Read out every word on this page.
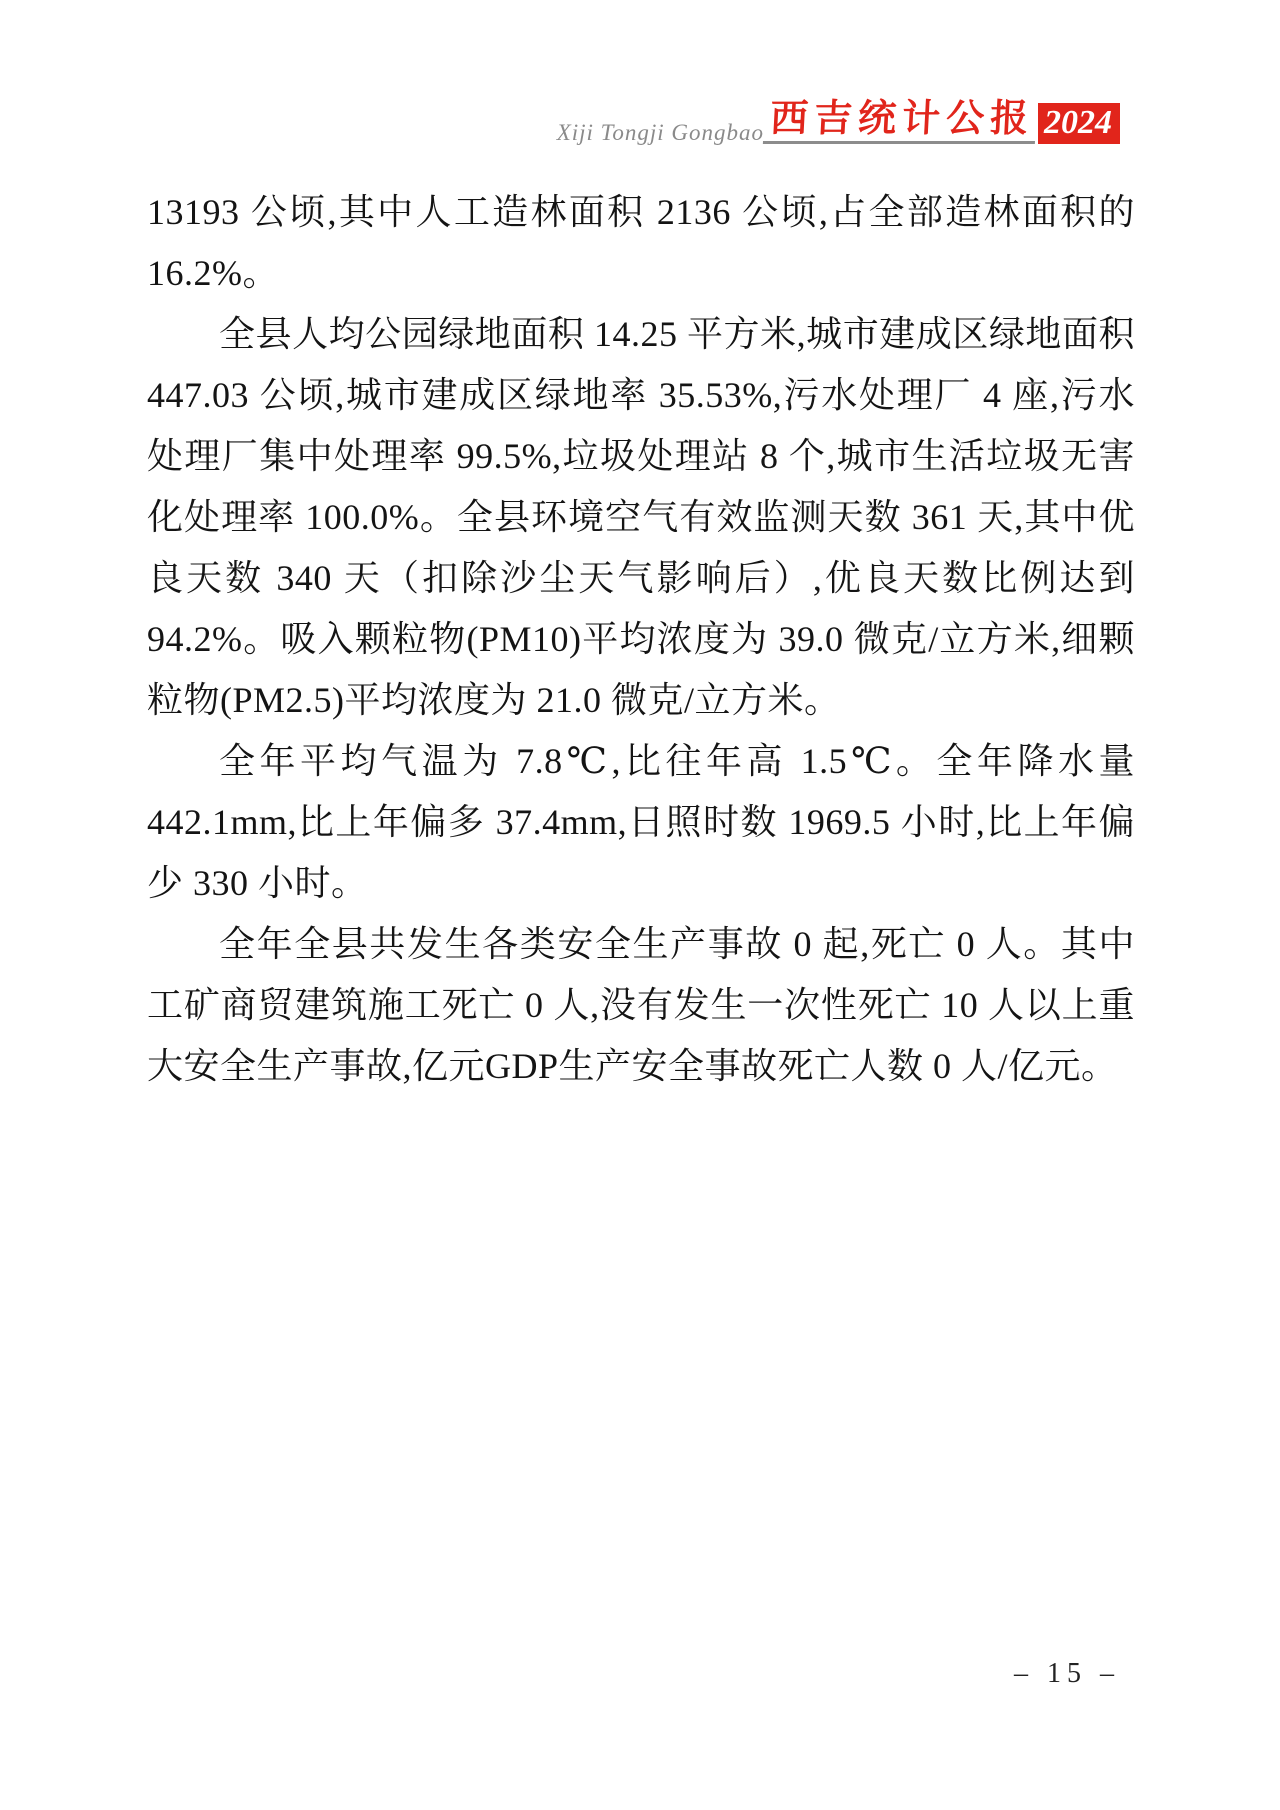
Xiji Tongji Gongbao 西吉统计公报 2024

13193 公顷,其中人工造林面积 2136 公顷,占全部造林面积的 16.2%。

全县人均公园绿地面积 14.25 平方米,城市建成区绿地面积 447.03 公顷,城市建成区绿地率 35.53%,污水处理厂 4 座,污水处理厂集中处理率 99.5%,垃圾处理站 8 个,城市生活垃圾无害化处理率 100.0%。全县环境空气有效监测天数 361 天,其中优良天数 340 天（扣除沙尘天气影响后）,优良天数比例达到 94.2%。吸入颗粒物(PM10)平均浓度为 39.0 微克/立方米,细颗粒物(PM2.5)平均浓度为 21.0 微克/立方米。

全年平均气温为 7.8℃,比往年高 1.5℃。全年降水量 442.1mm,比上年偏多 37.4mm,日照时数 1969.5 小时,比上年偏少 330 小时。

全年全县共发生各类安全生产事故 0 起,死亡 0 人。其中工矿商贸建筑施工死亡 0 人,没有发生一次性死亡 10 人以上重大安全生产事故,亿元GDP生产安全事故死亡人数 0 人/亿元。

– 15 –
